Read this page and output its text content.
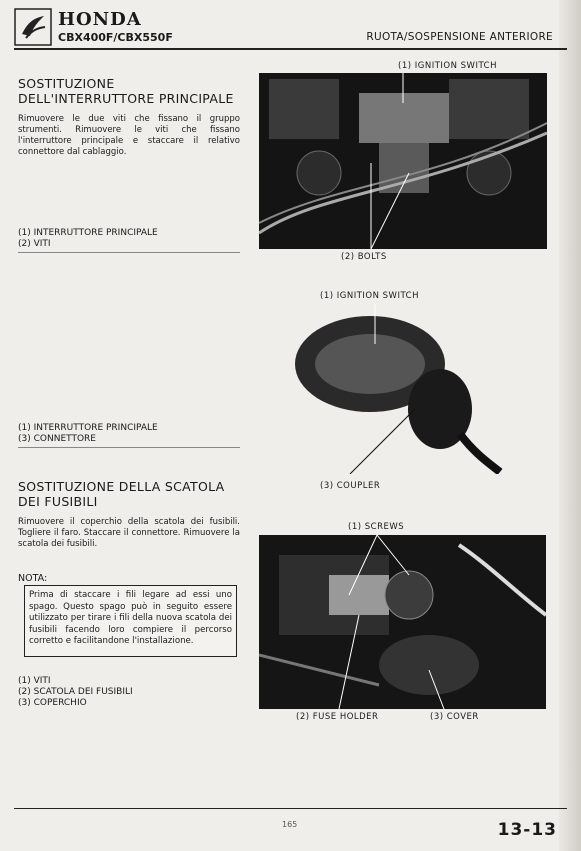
HONDA
CBX400F/CBX550F	RUOTA/SOSPENSIONE ANTERIORE
SOSTITUZIONE DELL'INTERRUTTORE PRINCIPALE
Rimuovere le due viti che fissano il gruppo strumenti. Rimuovere le viti che fissano l'interruttore principale e staccare il relativo connettore dal cablaggio.
(1) INTERRUTTORE PRINCIPALE
(2) VITI
(1) IGNITION SWITCH
(2) BOLTS
(1) IGNITION SWITCH
(1) INTERRUTTORE PRINCIPALE
(3) CONNETTORE
(3) COUPLER
SOSTITUZIONE DELLA SCATOLA DEI FUSIBILI
Rimuovere il coperchio della scatola dei fusibili. Togliere il faro. Staccare il connettore. Rimuovere la scatola dei fusibili.
NOTA:
Prima di staccare i fili legare ad essi uno spago. Questo spago può in seguito essere utilizzato per tirare i fili della nuova scatola dei fusibili facendo loro compiere il percorso corretto e facilitandone l'installazione.
(1) VITI
(2) SCATOLA DEI FUSIBILI
(3) COPERCHIO
(1) SCREWS
(2) FUSE HOLDER	(3) COVER
165	13-13
